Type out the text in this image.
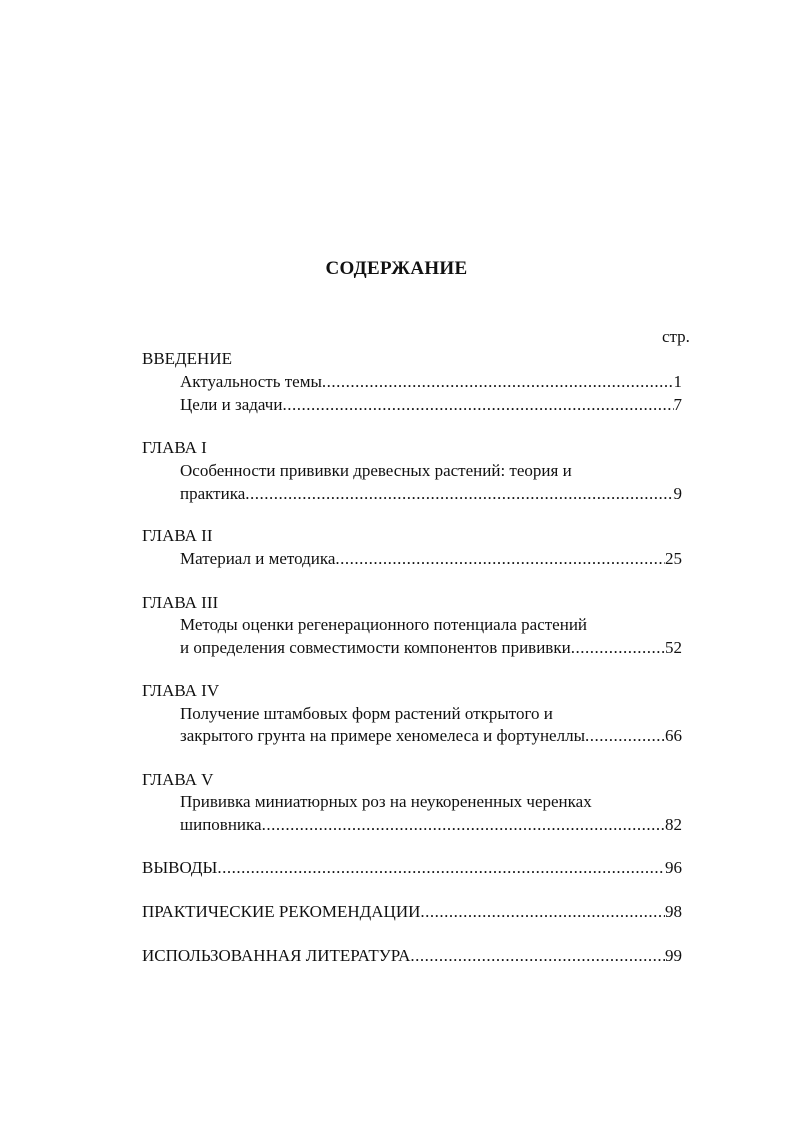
СОДЕРЖАНИЕ
стр.
ВВЕДЕНИЕ
Актуальность темы .....	1
Цели и задачи .....	7
ГЛАВА I
Особенности прививки древесных растений: теория и
практика .....	9
ГЛАВА II
Материал и методика .....	25
ГЛАВА III
Методы оценки регенерационного потенциала растений
и определения совместимости компонентов прививки .....	52
ГЛАВА IV
Получение штамбовых форм растений открытого и
закрытого грунта на примере хеномелеса и фортунеллы .....	66
ГЛАВА V
Прививка миниатюрных роз на неукорененных черенках
шиповника .....	82
ВЫВОДЫ .....	96
ПРАКТИЧЕСКИЕ РЕКОМЕНДАЦИИ .....	98
ИСПОЛЬЗОВАННАЯ ЛИТЕРАТУРА .....	99
